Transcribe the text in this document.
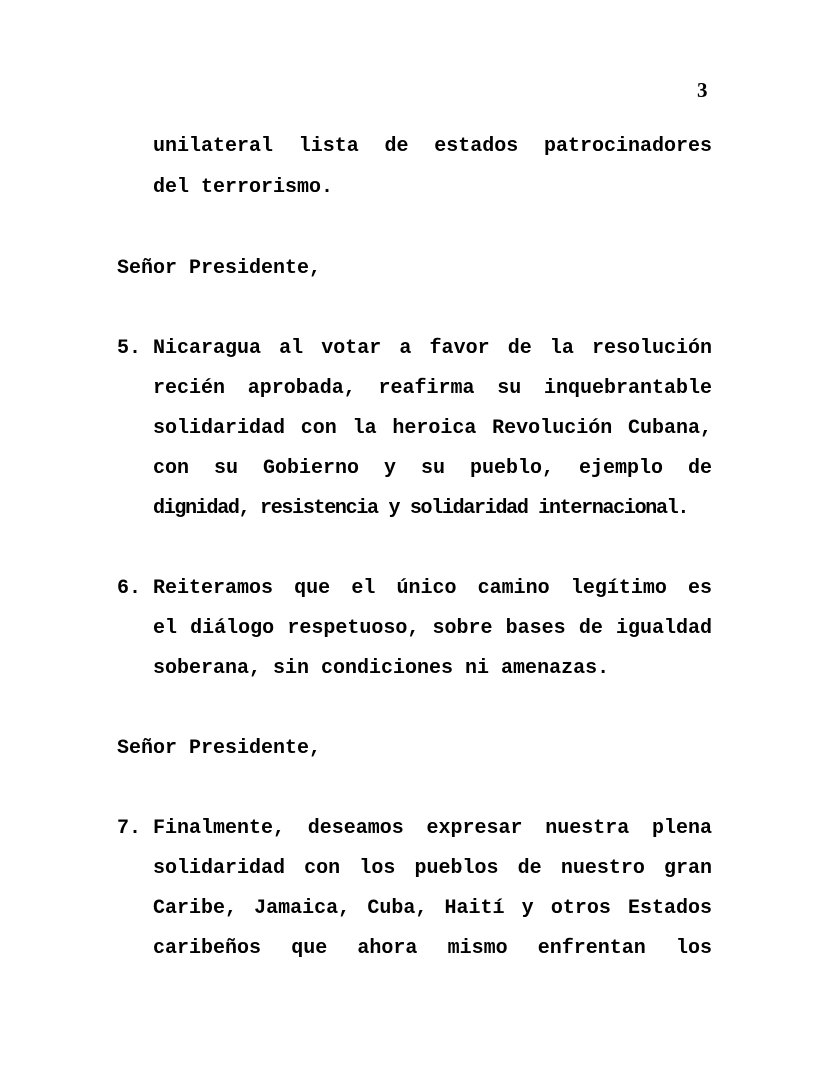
3
unilateral lista de estados patrocinadores
del terrorismo.
Señor Presidente,
5. Nicaragua al votar a favor de la resolución
recién aprobada, reafirma su inquebrantable
solidaridad con la heroica Revolución Cubana,
con su Gobierno y su pueblo, ejemplo de
dignidad, resistencia y solidaridad internacional.
6. Reiteramos que el único camino legítimo es
el diálogo respetuoso, sobre bases de igualdad
soberana, sin condiciones ni amenazas.
Señor Presidente,
7. Finalmente, deseamos expresar nuestra plena
solidaridad con los pueblos de nuestro gran
Caribe, Jamaica, Cuba, Haití y otros Estados
caribeños que ahora mismo enfrentan los
